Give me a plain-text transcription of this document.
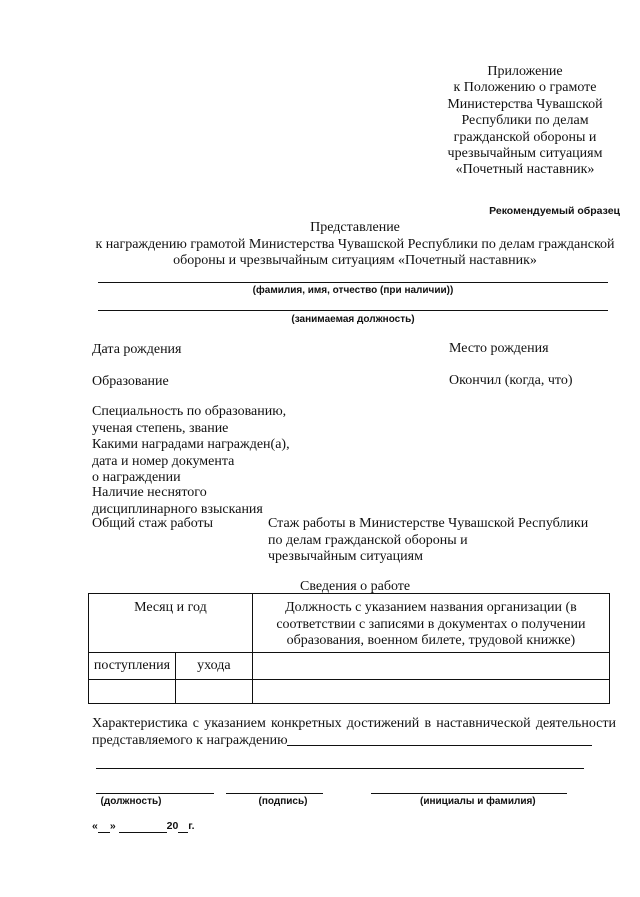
Приложение
к Положению о грамоте
Министерства Чувашской
Республики по делам
гражданской обороны и
чрезвычайным ситуациям
«Почетный наставник»
Рекомендуемый образец
Представление
к награждению грамотой Министерства Чувашской Республики по делам гражданской
обороны и чрезвычайным ситуациям «Почетный наставник»
(фамилия, имя, отчество (при наличии))
(занимаемая должность)
Дата рождения	Место рождения
Образование	Окончил (когда, что)
Специальность по образованию,
ученая степень, звание
Какими наградами награжден(а),
дата и номер документа
о награждении
Наличие неснятого
дисциплинарного взыскания
Общий стаж работы	Стаж работы в Министерстве Чувашской Республики
по делам гражданской обороны и
чрезвычайным ситуациям
Сведения о работе
Месяц и год		Должность с указанием названия организации (в соответствии с записями в документах о получении образования, военном билете, трудовой книжке)

поступления	ухода	

Характеристика с указанием конкретных достижений в наставнической деятельности представляемого к награждению
(должность)	(подпись)	(инициалы и фамилия)
« »	20 г.
